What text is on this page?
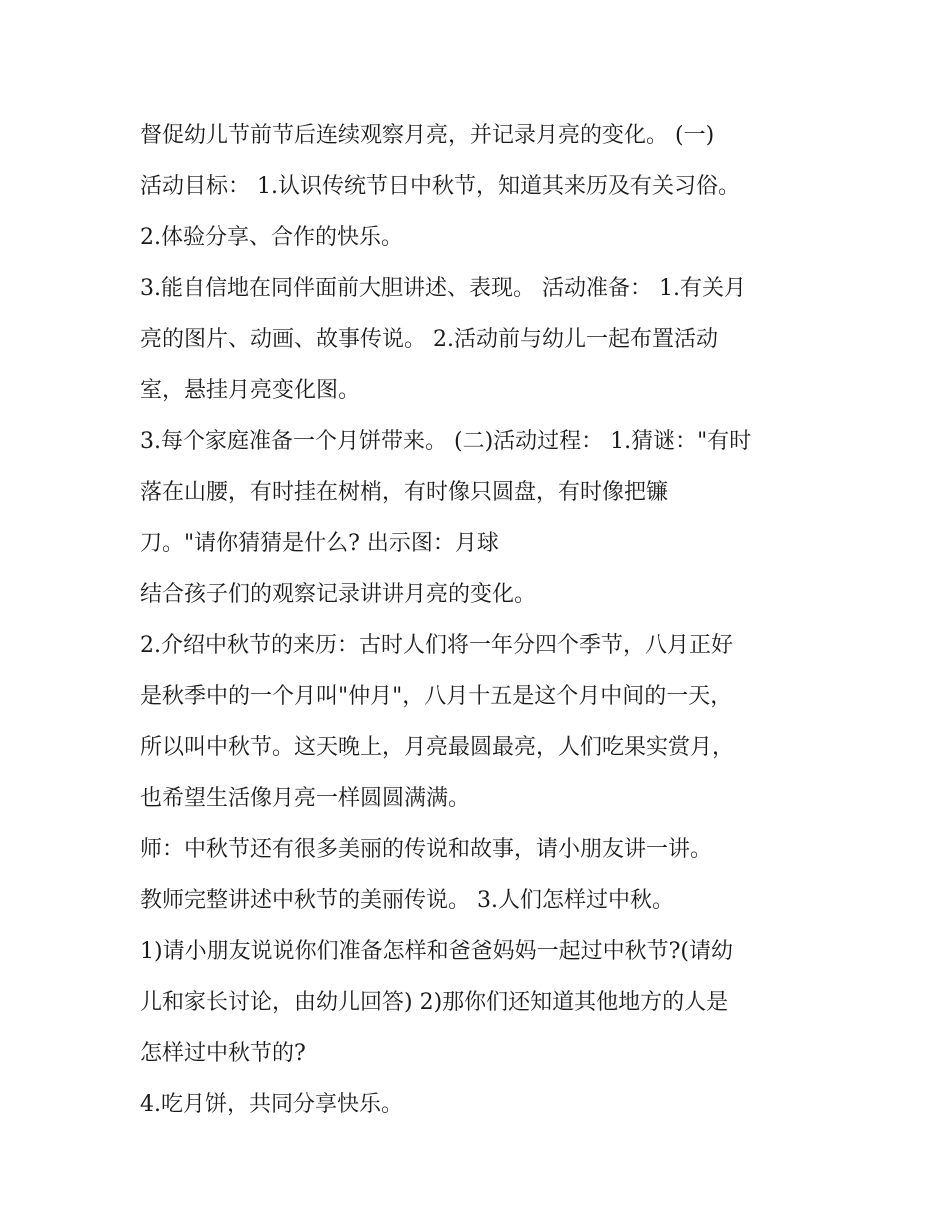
督促幼儿节前节后连续观察月亮，并记录月亮的变化。 (一)
活动目标： 1.认识传统节日中秋节，知道其来历及有关习俗。
2.体验分享、合作的快乐。
3.能自信地在同伴面前大胆讲述、表现。 活动准备： 1.有关月
亮的图片、动画、故事传说。 2.活动前与幼儿一起布置活动
室，悬挂月亮变化图。
3.每个家庭准备一个月饼带来。 (二)活动过程： 1.猜谜："有时
落在山腰，有时挂在树梢，有时像只圆盘，有时像把镰
刀。"请你猜猜是什么? 出示图：月球
结合孩子们的观察记录讲讲月亮的变化。
2.介绍中秋节的来历：古时人们将一年分四个季节，八月正好
是秋季中的一个月叫"仲月"，八月十五是这个月中间的一天，
所以叫中秋节。这天晚上，月亮最圆最亮，人们吃果实赏月，
也希望生活像月亮一样圆圆满满。
师：中秋节还有很多美丽的传说和故事，请小朋友讲一讲。
教师完整讲述中秋节的美丽传说。 3.人们怎样过中秋。
1)请小朋友说说你们准备怎样和爸爸妈妈一起过中秋节?(请幼
儿和家长讨论，由幼儿回答) 2)那你们还知道其他地方的人是
怎样过中秋节的?
4.吃月饼，共同分享快乐。
